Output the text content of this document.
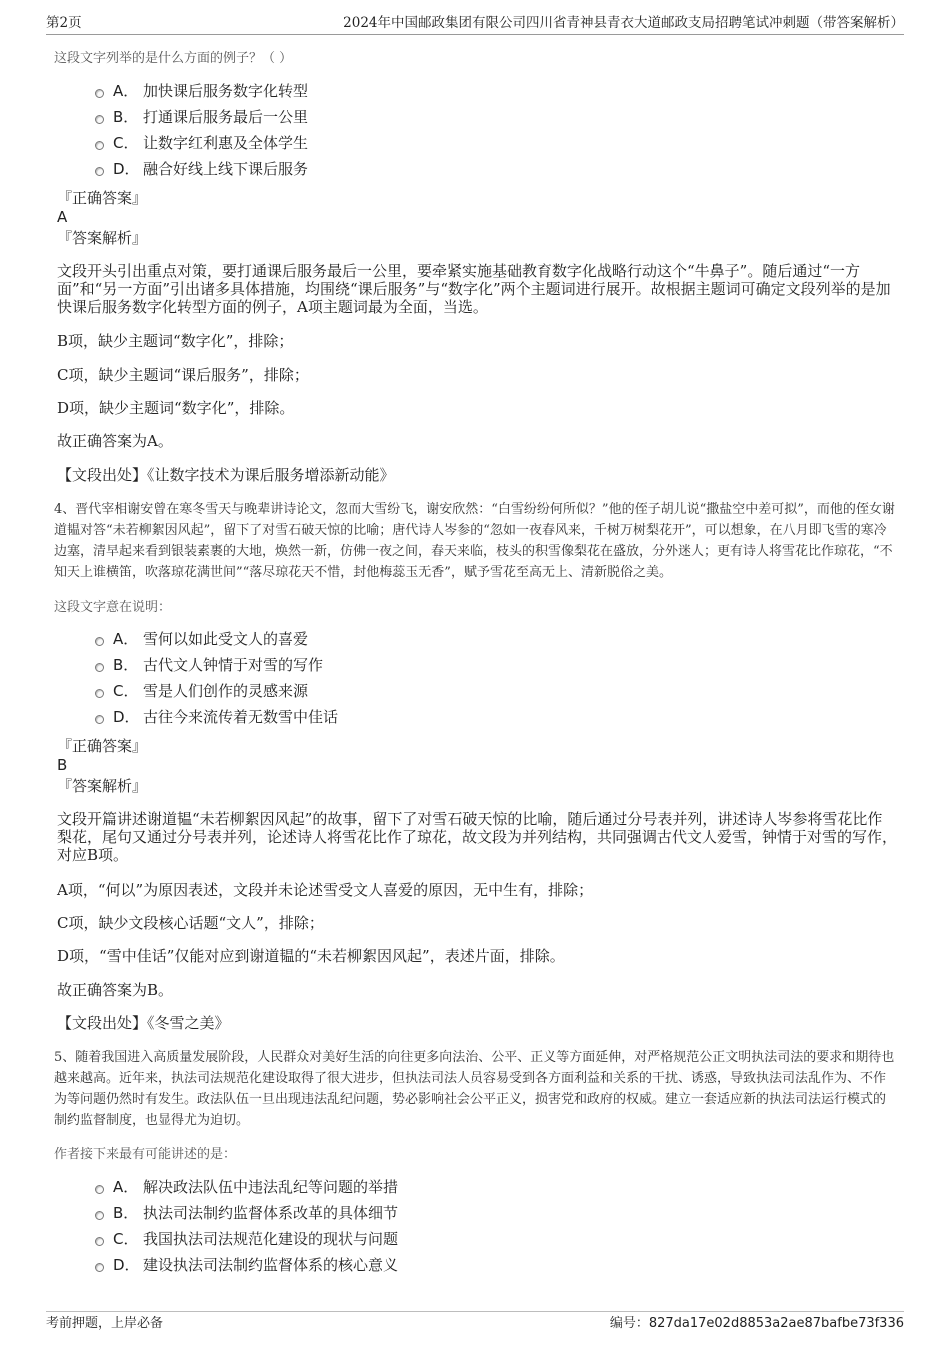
第2页	2024年中国邮政集团有限公司四川省青神县青衣大道邮政支局招聘笔试冲刺题（带答案解析）
这段文字列举的是什么方面的例子？（ ）
A． 加快课后服务数字化转型
B． 打通课后服务最后一公里
C． 让数字红利惠及全体学生
D． 融合好线上线下课后服务
『正确答案』
A
『答案解析』
文段开头引出重点对策，要打通课后服务最后一公里，要牵紧实施基础教育数字化战略行动这个“牛鼻子”。随后通过“一方面”和“另一方面”引出诸多具体措施，均围绕“课后服务”与“数字化”两个主题词进行展开。故根据主题词可确定文段列举的是加快课后服务数字化转型方面的例子，A项主题词最为全面，当选。
B项，缺少主题词“数字化”，排除；
C项，缺少主题词“课后服务”，排除；
D项，缺少主题词“数字化”，排除。
故正确答案为A。
【文段出处】《让数字技术为课后服务增添新动能》
4、晋代宰相谢安曾在寒冬雪天与晚辈讲诗论文，忽而大雪纷飞，谢安欣然：“白雪纷纷何所似？”他的侄子胡儿说“撒盐空中差可拟”，而他的侄女谢道韫对答“未若柳絮因风起”，留下了对雪石破天惊的比喻；唐代诗人岑参的“忽如一夜春风来，千树万树梨花开”，可以想象，在八月即飞雪的寒冷边塞，清早起来看到银装素裹的大地，焕然一新，仿佛一夜之间，春天来临，枝头的积雪像梨花在盛放，分外迷人；更有诗人将雪花比作琼花，“不知天上谁横笛，吹落琼花满世间”“落尽琼花天不惜，封他梅蕊玉无香”，赋予雪花至高无上、清新脱俗之美。
这段文字意在说明：
A． 雪何以如此受文人的喜爱
B． 古代文人钟情于对雪的写作
C． 雪是人们创作的灵感来源
D． 古往今来流传着无数雪中佳话
『正确答案』
B
『答案解析』
文段开篇讲述谢道韫“未若柳絮因风起”的故事，留下了对雪石破天惊的比喻，随后通过分号表并列，讲述诗人岑参将雪花比作梨花，尾句又通过分号表并列，论述诗人将雪花比作了琼花，故文段为并列结构，共同强调古代文人爱雪，钟情于对雪的写作，对应B项。
A项，“何以”为原因表述，文段并未论述雪受文人喜爱的原因，无中生有，排除；
C项，缺少文段核心话题“文人”，排除；
D项，“雪中佳话”仅能对应到谢道韫的“未若柳絮因风起”，表述片面，排除。
故正确答案为B。
【文段出处】《冬雪之美》
5、随着我国进入高质量发展阶段，人民群众对美好生活的向往更多向法治、公平、正义等方面延伸，对严格规范公正文明执法司法的要求和期待也越来越高。近年来，执法司法规范化建设取得了很大进步，但执法司法人员容易受到各方面利益和关系的干扰、诱惑，导致执法司法乱作为、不作为等问题仍然时有发生。政法队伍一旦出现违法乱纪问题，势必影响社会公平正义，损害党和政府的权威。建立一套适应新的执法司法运行模式的制约监督制度，也显得尤为迫切。
作者接下来最有可能讲述的是：
A． 解决政法队伍中违法乱纪等问题的举措
B． 执法司法制约监督体系改革的具体细节
C． 我国执法司法规范化建设的现状与问题
D． 建设执法司法制约监督体系的核心意义
考前押题，上岸必备	编号：827da17e02d8853a2ae87bafbe73f336
